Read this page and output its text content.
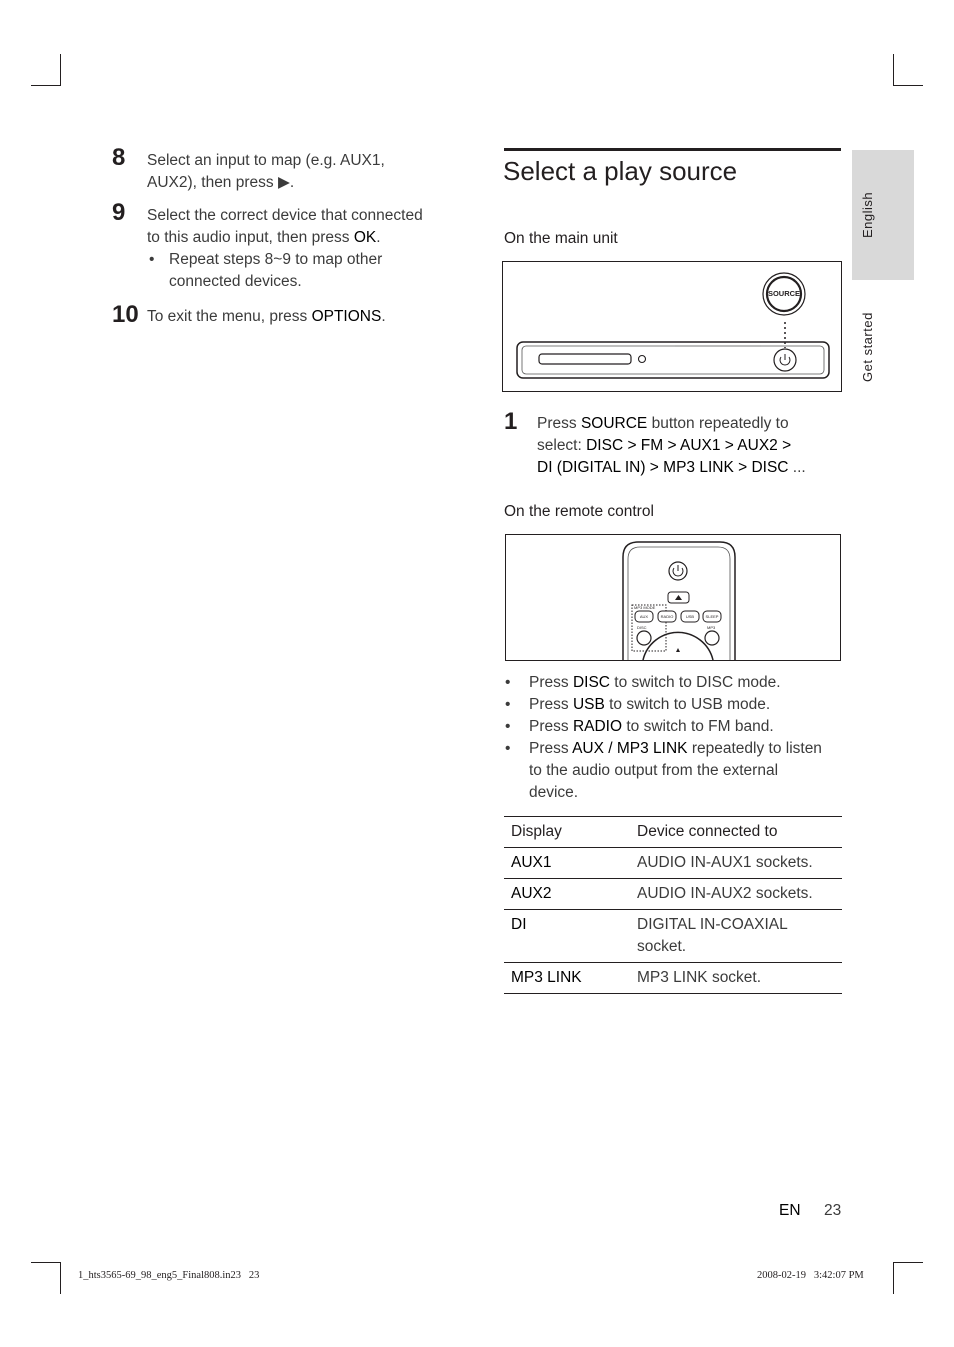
8 Select an input to map (e.g. AUX1,
AUX2), then press ▶.
9 Select the correct device that connected
to this audio input, then press OK.
• Repeat steps 8~9 to map other
connected devices.
10 To exit the menu, press OPTIONS.
Select a play source
On the main unit
SOURCE
1 Press SOURCE button repeatedly to
select: DISC > FM > AUX1 > AUX2 >
DI (DIGITAL IN) > MP3 LINK > DISC ...
On the remote control
MP3 MODE
AUX	RADIO	USB	SLEEP
DISC	MP3
• Press DISC to switch to DISC mode.
• Press USB to switch to USB mode.
• Press RADIO to switch to FM band.
• Press AUX / MP3 LINK repeatedly to listen
to the audio output from the external
device.
Display	Device connected to
AUX1	AUDIO IN-AUX1 sockets.
AUX2	AUDIO IN-AUX2 sockets.
DI	DIGITAL IN-COAXIAL
socket.

MP3 LINK	MP3 LINK socket.
English
Get started
EN 23
1_hts3565-69_98_eng5_Final808.in23   23	2008-02-19   3:42:07 PM
